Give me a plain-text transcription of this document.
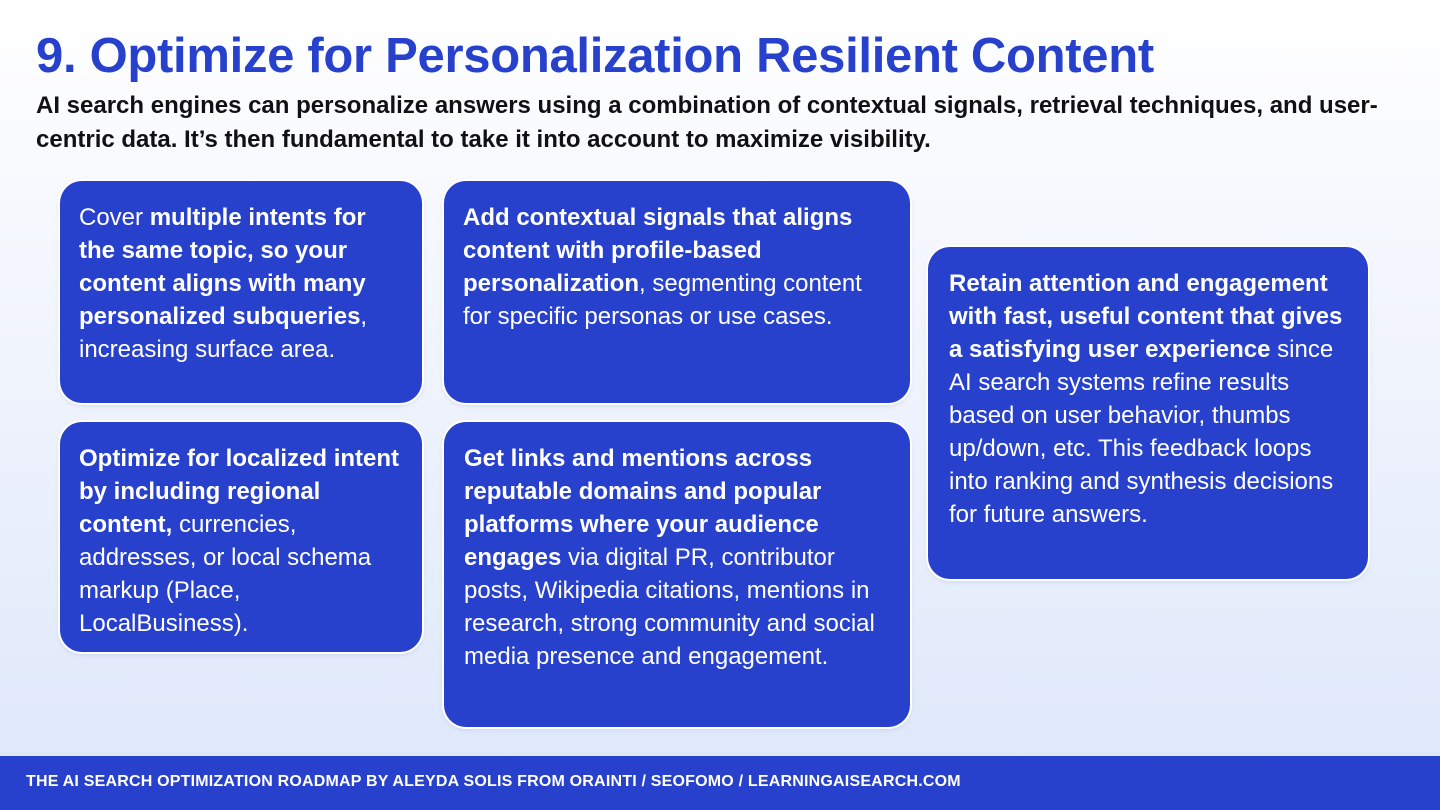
9. Optimize for Personalization Resilient Content

AI search engines can personalize answers using a combination of contextual signals, retrieval techniques, and user-centric data. It’s then fundamental to take it into account to maximize visibility.

Cover multiple intents for the same topic, so your content aligns with many personalized subqueries, increasing surface area.
Add contextual signals that aligns content with profile-based personalization, segmenting content for specific personas or use cases.
Retain attention and engagement with fast, useful content that gives a satisfying user experience since AI search systems refine results based on user behavior, thumbs up/down, etc. This feedback loops into ranking and synthesis decisions for future answers.
Optimize for localized intent by including regional content, currencies, addresses, or local schema markup (Place, LocalBusiness).
Get links and mentions across reputable domains and popular platforms where your audience engages via digital PR, contributor posts, Wikipedia citations, mentions in research, strong community and social media presence and engagement.
THE AI SEARCH OPTIMIZATION ROADMAP BY ALEYDA SOLIS FROM ORAINTI / SEOFOMO / LEARNINGAISEARCH.COM
